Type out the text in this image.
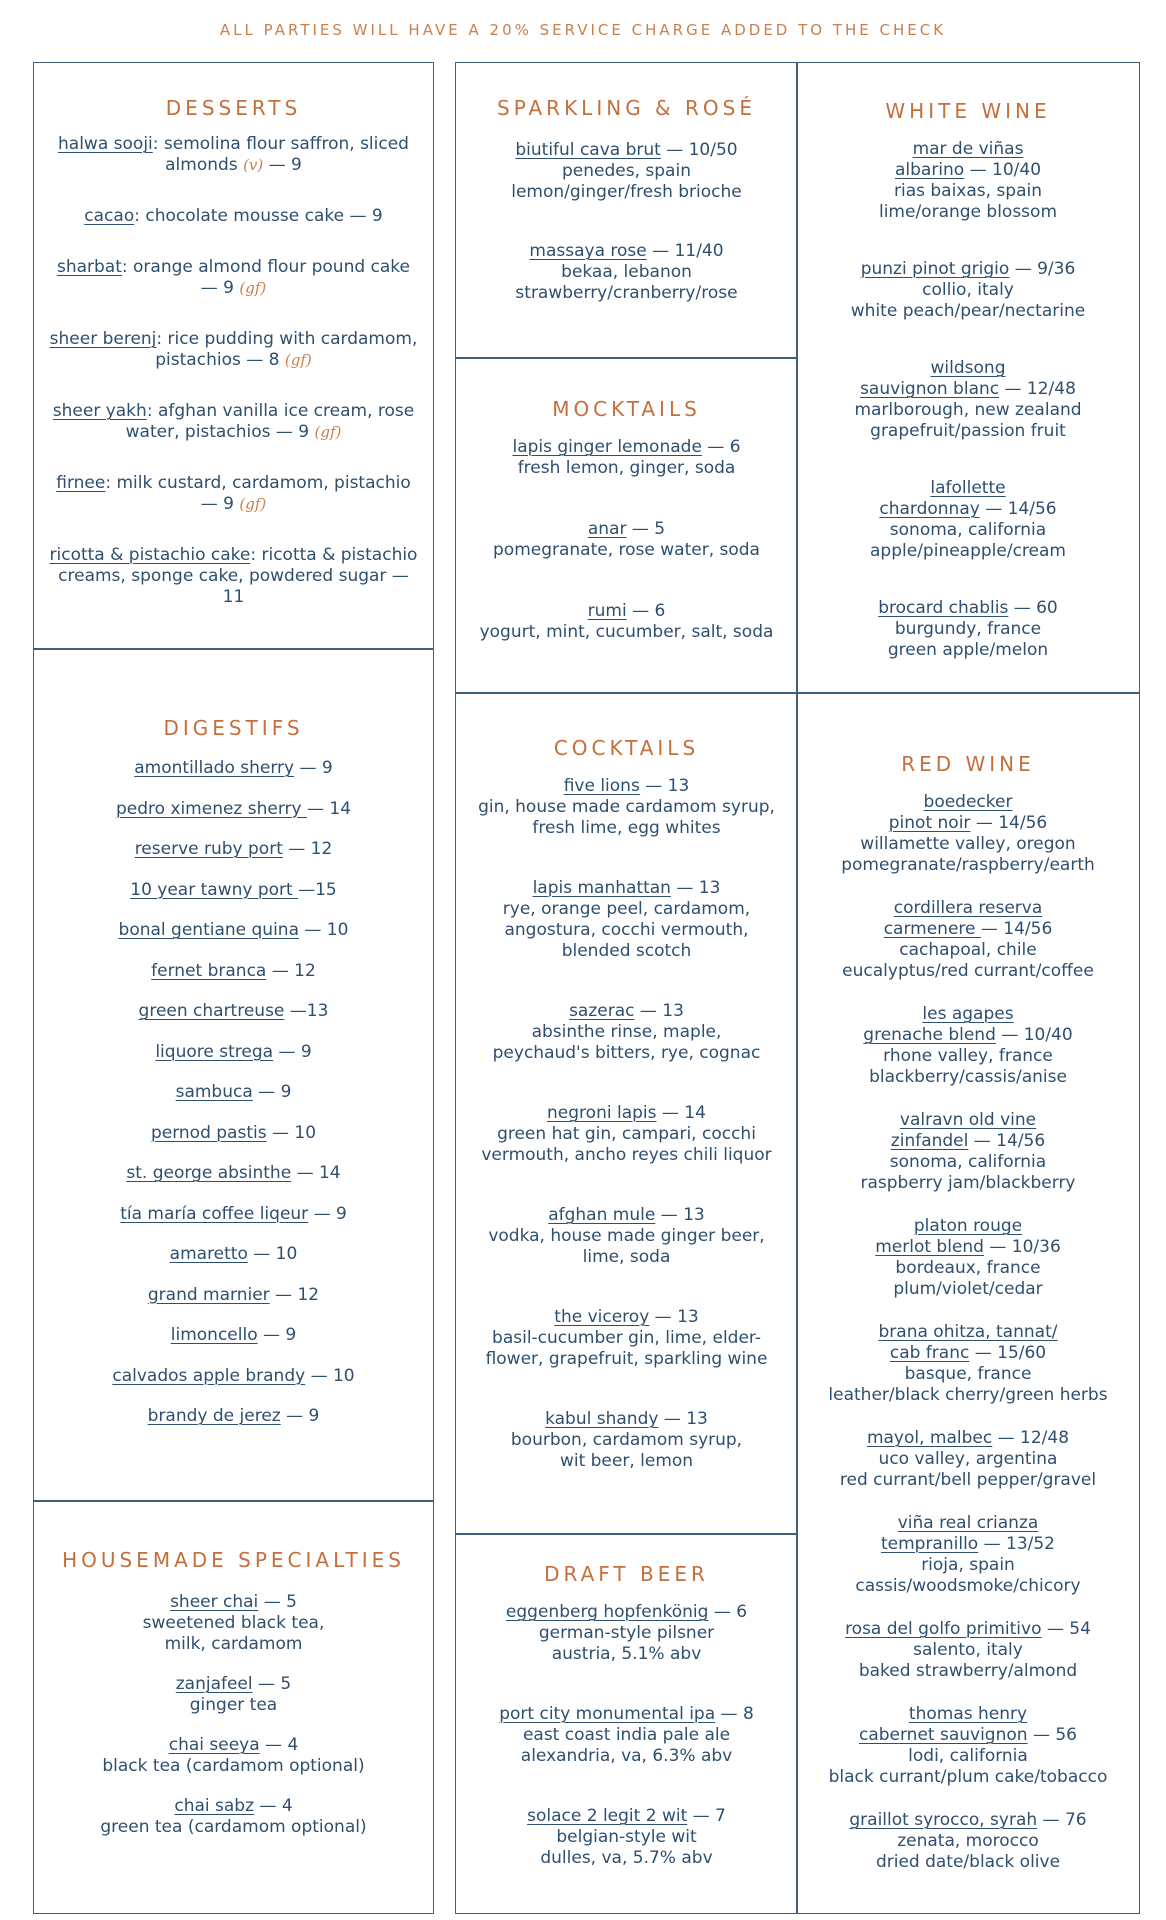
ALL PARTIES WILL HAVE A 20% SERVICE CHARGE ADDED TO THE CHECK
DESSERTS
halwa sooji: semolina flour saffron, sliced almonds (v) — 9
cacao: chocolate mousse cake — 9
sharbat: orange almond flour pound cake — 9 (gf)
sheer berenj: rice pudding with cardamom, pistachios — 8 (gf)
sheer yakh: afghan vanilla ice cream, rose water, pistachios — 9 (gf)
firnee: milk custard, cardamom, pistachio — 9 (gf)
ricotta & pistachio cake: ricotta & pistachio creams, sponge cake, powdered sugar — 11
DIGESTIFS
amontillado sherry — 9
pedro ximenez sherry — 14
reserve ruby port — 12
10 year tawny port —15
bonal gentiane quina — 10
fernet branca — 12
green chartreuse —13
liquore strega — 9
sambuca — 9
pernod pastis — 10
st. george absinthe — 14
tía maría coffee liqeur — 9
amaretto — 10
grand marnier — 12
limoncello — 9
calvados apple brandy — 10
brandy de jerez — 9
HOUSEMADE SPECIALTIES
sheer chai — 5
sweetened black tea,
milk, cardamom
zanjafeel — 5
ginger tea
chai seeya — 4
black tea (cardamom optional)
chai sabz — 4
green tea (cardamom optional)
SPARKLING & ROSÉ
biutiful cava brut — 10/50
penedes, spain
lemon/ginger/fresh brioche
massaya rose — 11/40
bekaa, lebanon
strawberry/cranberry/rose
MOCKTAILS
lapis ginger lemonade — 6
fresh lemon, ginger, soda
anar — 5
pomegranate, rose water, soda
rumi — 6
yogurt, mint, cucumber, salt, soda
WHITE WINE
mar de viñas
albarino — 10/40
rias baixas, spain
lime/orange blossom
punzi pinot grigio — 9/36
collio, italy
white peach/pear/nectarine
wildsong
sauvignon blanc — 12/48
marlborough, new zealand
grapefruit/passion fruit
lafollette
chardonnay — 14/56
sonoma, california
apple/pineapple/cream
brocard chablis — 60
burgundy, france
green apple/melon
COCKTAILS
five lions — 13
gin, house made cardamom syrup,
fresh lime, egg whites
lapis manhattan — 13
rye, orange peel, cardamom,
angostura, cocchi vermouth,
blended scotch
sazerac — 13
absinthe rinse, maple,
peychaud's bitters, rye, cognac
negroni lapis — 14
green hat gin, campari, cocchi
vermouth, ancho reyes chili liquor
afghan mule — 13
vodka, house made ginger beer,
lime, soda
the viceroy — 13
basil-cucumber gin, lime, elder-
flower, grapefruit, sparkling wine
kabul shandy — 13
bourbon, cardamom syrup,
wit beer, lemon
RED WINE
boedecker
pinot noir — 14/56
willamette valley, oregon
pomegranate/raspberry/earth
cordillera reserva
carmenere — 14/56
cachapoal, chile
eucalyptus/red currant/coffee
les agapes
grenache blend — 10/40
rhone valley, france
blackberry/cassis/anise
valravn old vine
zinfandel — 14/56
sonoma, california
raspberry jam/blackberry
platon rouge
merlot blend — 10/36
bordeaux, france
plum/violet/cedar
brana ohitza, tannat/
cab franc — 15/60
basque, france
leather/black cherry/green herbs
mayol, malbec — 12/48
uco valley, argentina
red currant/bell pepper/gravel
viña real crianza
tempranillo — 13/52
rioja, spain
cassis/woodsmoke/chicory
rosa del golfo primitivo — 54
salento, italy
baked strawberry/almond
thomas henry
cabernet sauvignon — 56
lodi, california
black currant/plum cake/tobacco
graillot syrocco, syrah — 76
zenata, morocco
dried date/black olive
DRAFT BEER
eggenberg hopfenkönig — 6
german-style pilsner
austria, 5.1% abv
port city monumental ipa — 8
east coast india pale ale
alexandria, va, 6.3% abv
solace 2 legit 2 wit — 7
belgian-style wit
dulles, va, 5.7% abv
